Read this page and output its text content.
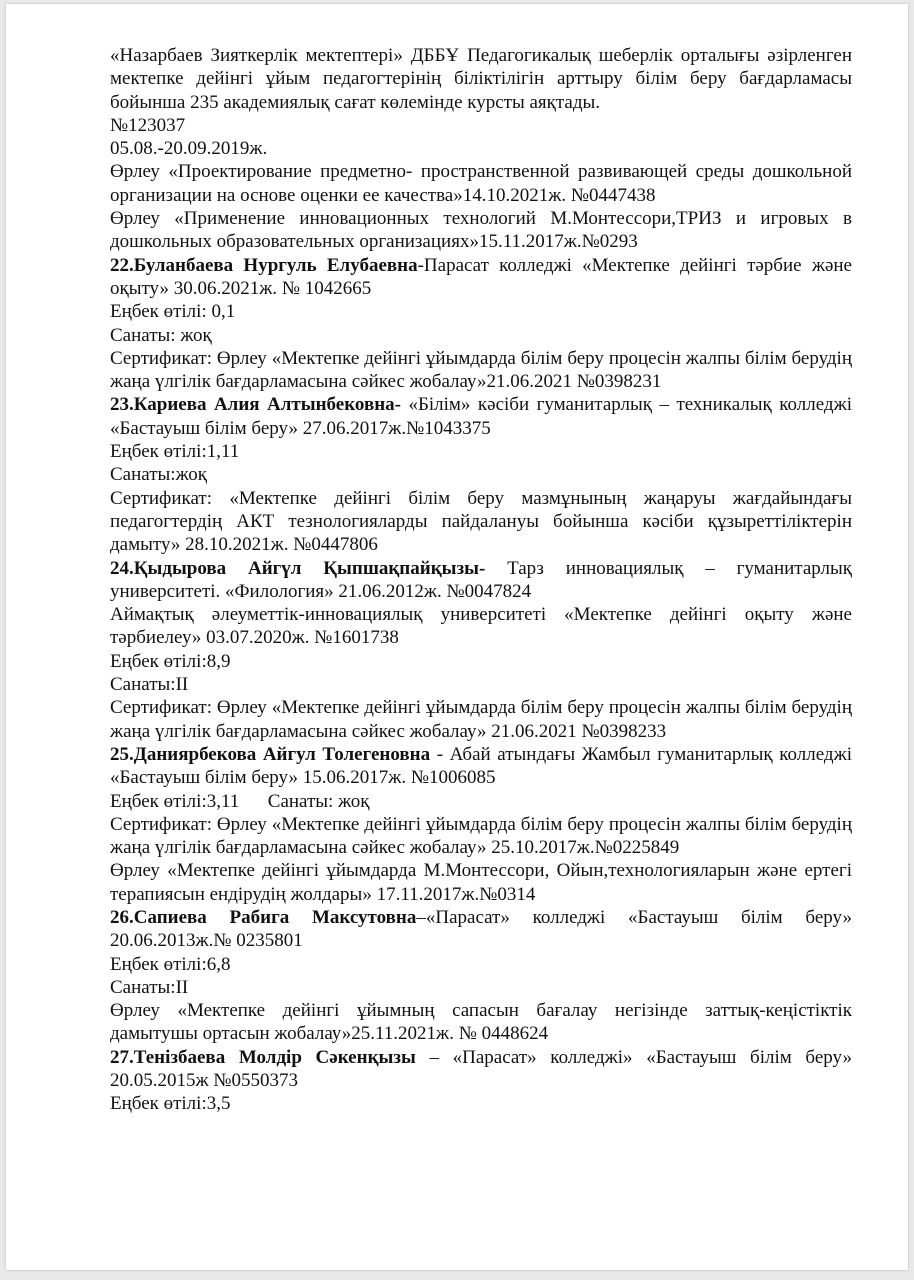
«Назарбаев Зияткерлік мектептері» ДББҰ Педагогикалық шеберлік орталығы әзірленген мектепке дейінгі ұйым педагогтерінің біліктілігін арттыру білім беру бағдарламасы бойынша 235 академиялық сағат көлемінде курсты аяқтады.

№123037

05.08.-20.09.2019ж.

Өрлеу «Проектирование предметно- пространственной развивающей среды дошкольной организации на основе оценки ее качества»14.10.2021ж. №0447438

Өрлеу «Применение инновационных технологий М.Монтессори,ТРИЗ и игровых в дошкольных образовательных организациях»15.11.2017ж.№0293

22.Буланбаева Нургуль Елубаевна-Парасат колледжі «Мектепке дейінгі тәрбие және оқыту» 30.06.2021ж. № 1042665

Еңбек өтілі: 0,1

Санаты: жоқ

Сертификат: Өрлеу «Мектепке дейінгі ұйымдарда білім беру процесін жалпы білім берудің жаңа үлгілік бағдарламасына сәйкес жобалау»21.06.2021 №0398231

23.Кариева Алия Алтынбековна- «Білім» кәсіби гуманитарлық – техникалық колледжі «Бастауыш білім беру» 27.06.2017ж.№1043375

Еңбек өтілі:1,11

Санаты:жоқ

Сертификат: «Мектепке дейінгі білім беру мазмұнының жаңаруы жағдайындағы педагогтердің АКТ тезнологияларды пайдалануы бойынша кәсіби құзыреттіліктерін дамыту» 28.10.2021ж. №0447806

24.Қыдырова Айгүл Қыпшақпайқызы- Тарз инновациялық – гуманитарлық университеті. «Филология» 21.06.2012ж. №0047824

Аймақтық әлеуметтік-инновациялық университеті «Мектепке дейінгі оқыту және тәрбиелеу» 03.07.2020ж. №1601738

Еңбек өтілі:8,9

Санаты:ІІ

Сертификат: Өрлеу «Мектепке дейінгі ұйымдарда білім беру процесін жалпы білім берудің жаңа үлгілік бағдарламасына сәйкес жобалау» 21.06.2021 №0398233

25.Даниярбекова Айгул Толегеновна - Абай атындағы Жамбыл гуманитарлық колледжі «Бастауыш білім беру» 15.06.2017ж. №1006085

Еңбек өтілі:3,11      Санаты: жоқ

Сертификат: Өрлеу «Мектепке дейінгі ұйымдарда білім беру процесін жалпы білім берудің жаңа үлгілік бағдарламасына сәйкес жобалау» 25.10.2017ж.№0225849

Өрлеу «Мектепке дейінгі ұйымдарда М.Монтессори, Ойын,технологияларын және ертегі терапиясын ендірудің жолдары» 17.11.2017ж.№0314

26.Сапиева Рабига Максутовна–«Парасат» колледжі «Бастауыш білім беру» 20.06.2013ж.№ 0235801

Еңбек өтілі:6,8

Санаты:ІІ

Өрлеу «Мектепке дейінгі ұйымның сапасын бағалау негізінде заттық-кеңістіктік дамытушы ортасын жобалау»25.11.2021ж. № 0448624

27.Тенізбаева Молдір Сәкенқызы – «Парасат» колледжі» «Бастауыш білім беру» 20.05.2015ж №0550373

Еңбек өтілі:3,5
